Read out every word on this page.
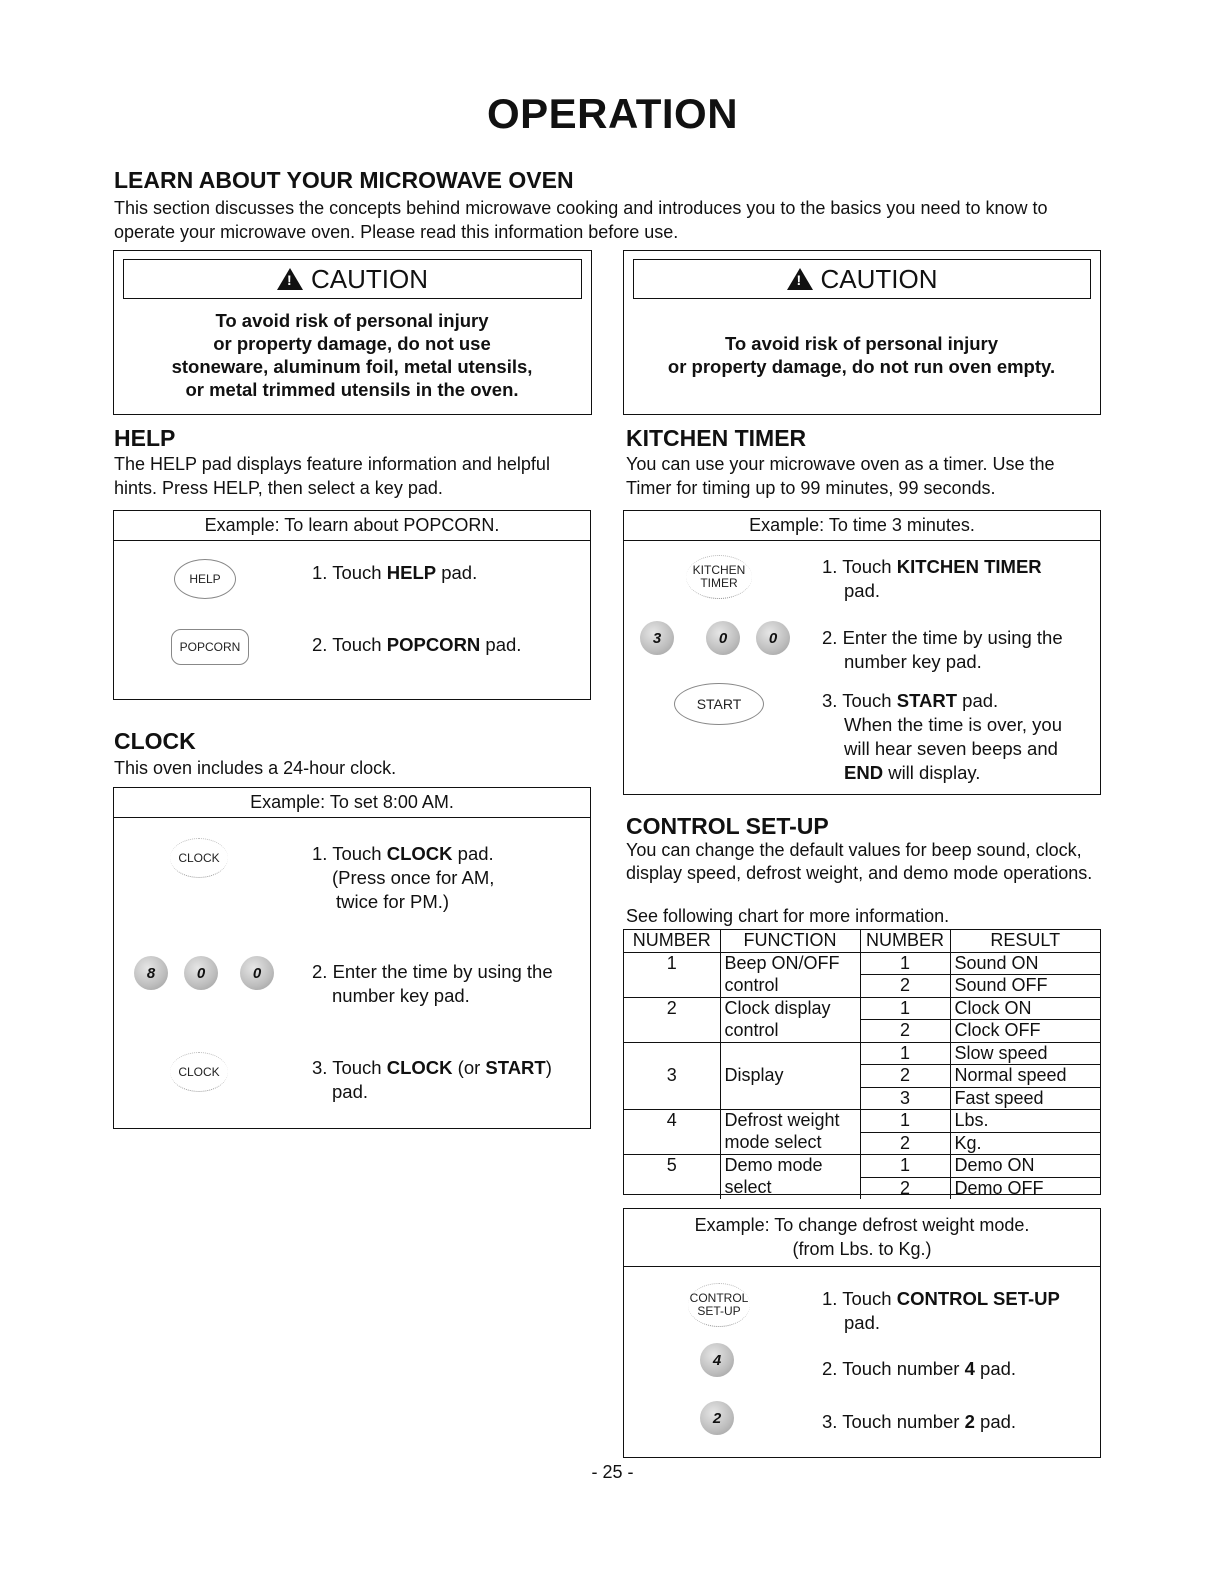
OPERATION
LEARN ABOUT YOUR MICROWAVE OVEN
This section discusses the concepts behind microwave cooking and introduces you to the basics you need to know to operate your microwave oven. Please read this information before use.
!CAUTION
To avoid risk of personal injury
or property damage, do not use
stoneware, aluminum foil, metal utensils,
or metal trimmed utensils in the oven.
!CAUTION
To avoid risk of personal injury
or property damage, do not run oven empty.
HELP
The HELP pad displays feature information and helpful hints. Press HELP, then select a key pad.
Example: To learn about POPCORN.
HELP
POPCORN
1. Touch HELP pad.
2. Touch POPCORN pad.
CLOCK
This oven includes a 24-hour clock.
Example: To set 8:00 AM.
CLOCK
8	0	0
CLOCK
1. Touch CLOCK pad.
(Press once for AM,
twice for PM.)
2. Enter the time by using the
number key pad.
3. Touch CLOCK (or START)
pad.
KITCHEN TIMER
You can use your microwave oven as a timer. Use the Timer for timing up to 99 minutes, 99 seconds.
Example: To time 3 minutes.
KITCHEN
TIMER
3	0	0
START
1. Touch KITCHEN TIMER
pad.
2. Enter the time by using the
number key pad.
3. Touch START pad.
When the time is over, you
will hear seven beeps and
END will display.
CONTROL SET-UP
You can change the default values for beep sound, clock, display speed, defrost weight, and demo mode operations.
See following chart for more information.
NUMBER	FUNCTION	NUMBER	RESULT
1	Beep ON/OFF	1	Sound ON
	control	2	Sound OFF
2	Clock display	1	Clock ON
	control	2	Clock OFF
		1	Slow speed
3	Display	2	Normal speed
		3	Fast speed
4	Defrost weight	1	Lbs.
	mode select	2	Kg.
5	Demo mode	1	Demo ON
	select	2	Demo OFF
Example: To change defrost weight mode.
(from Lbs. to Kg.)
CONTROL
SET-UP
4
2
1. Touch CONTROL SET-UP
pad.
2. Touch number 4 pad.
3. Touch number 2 pad.
- 25 -
